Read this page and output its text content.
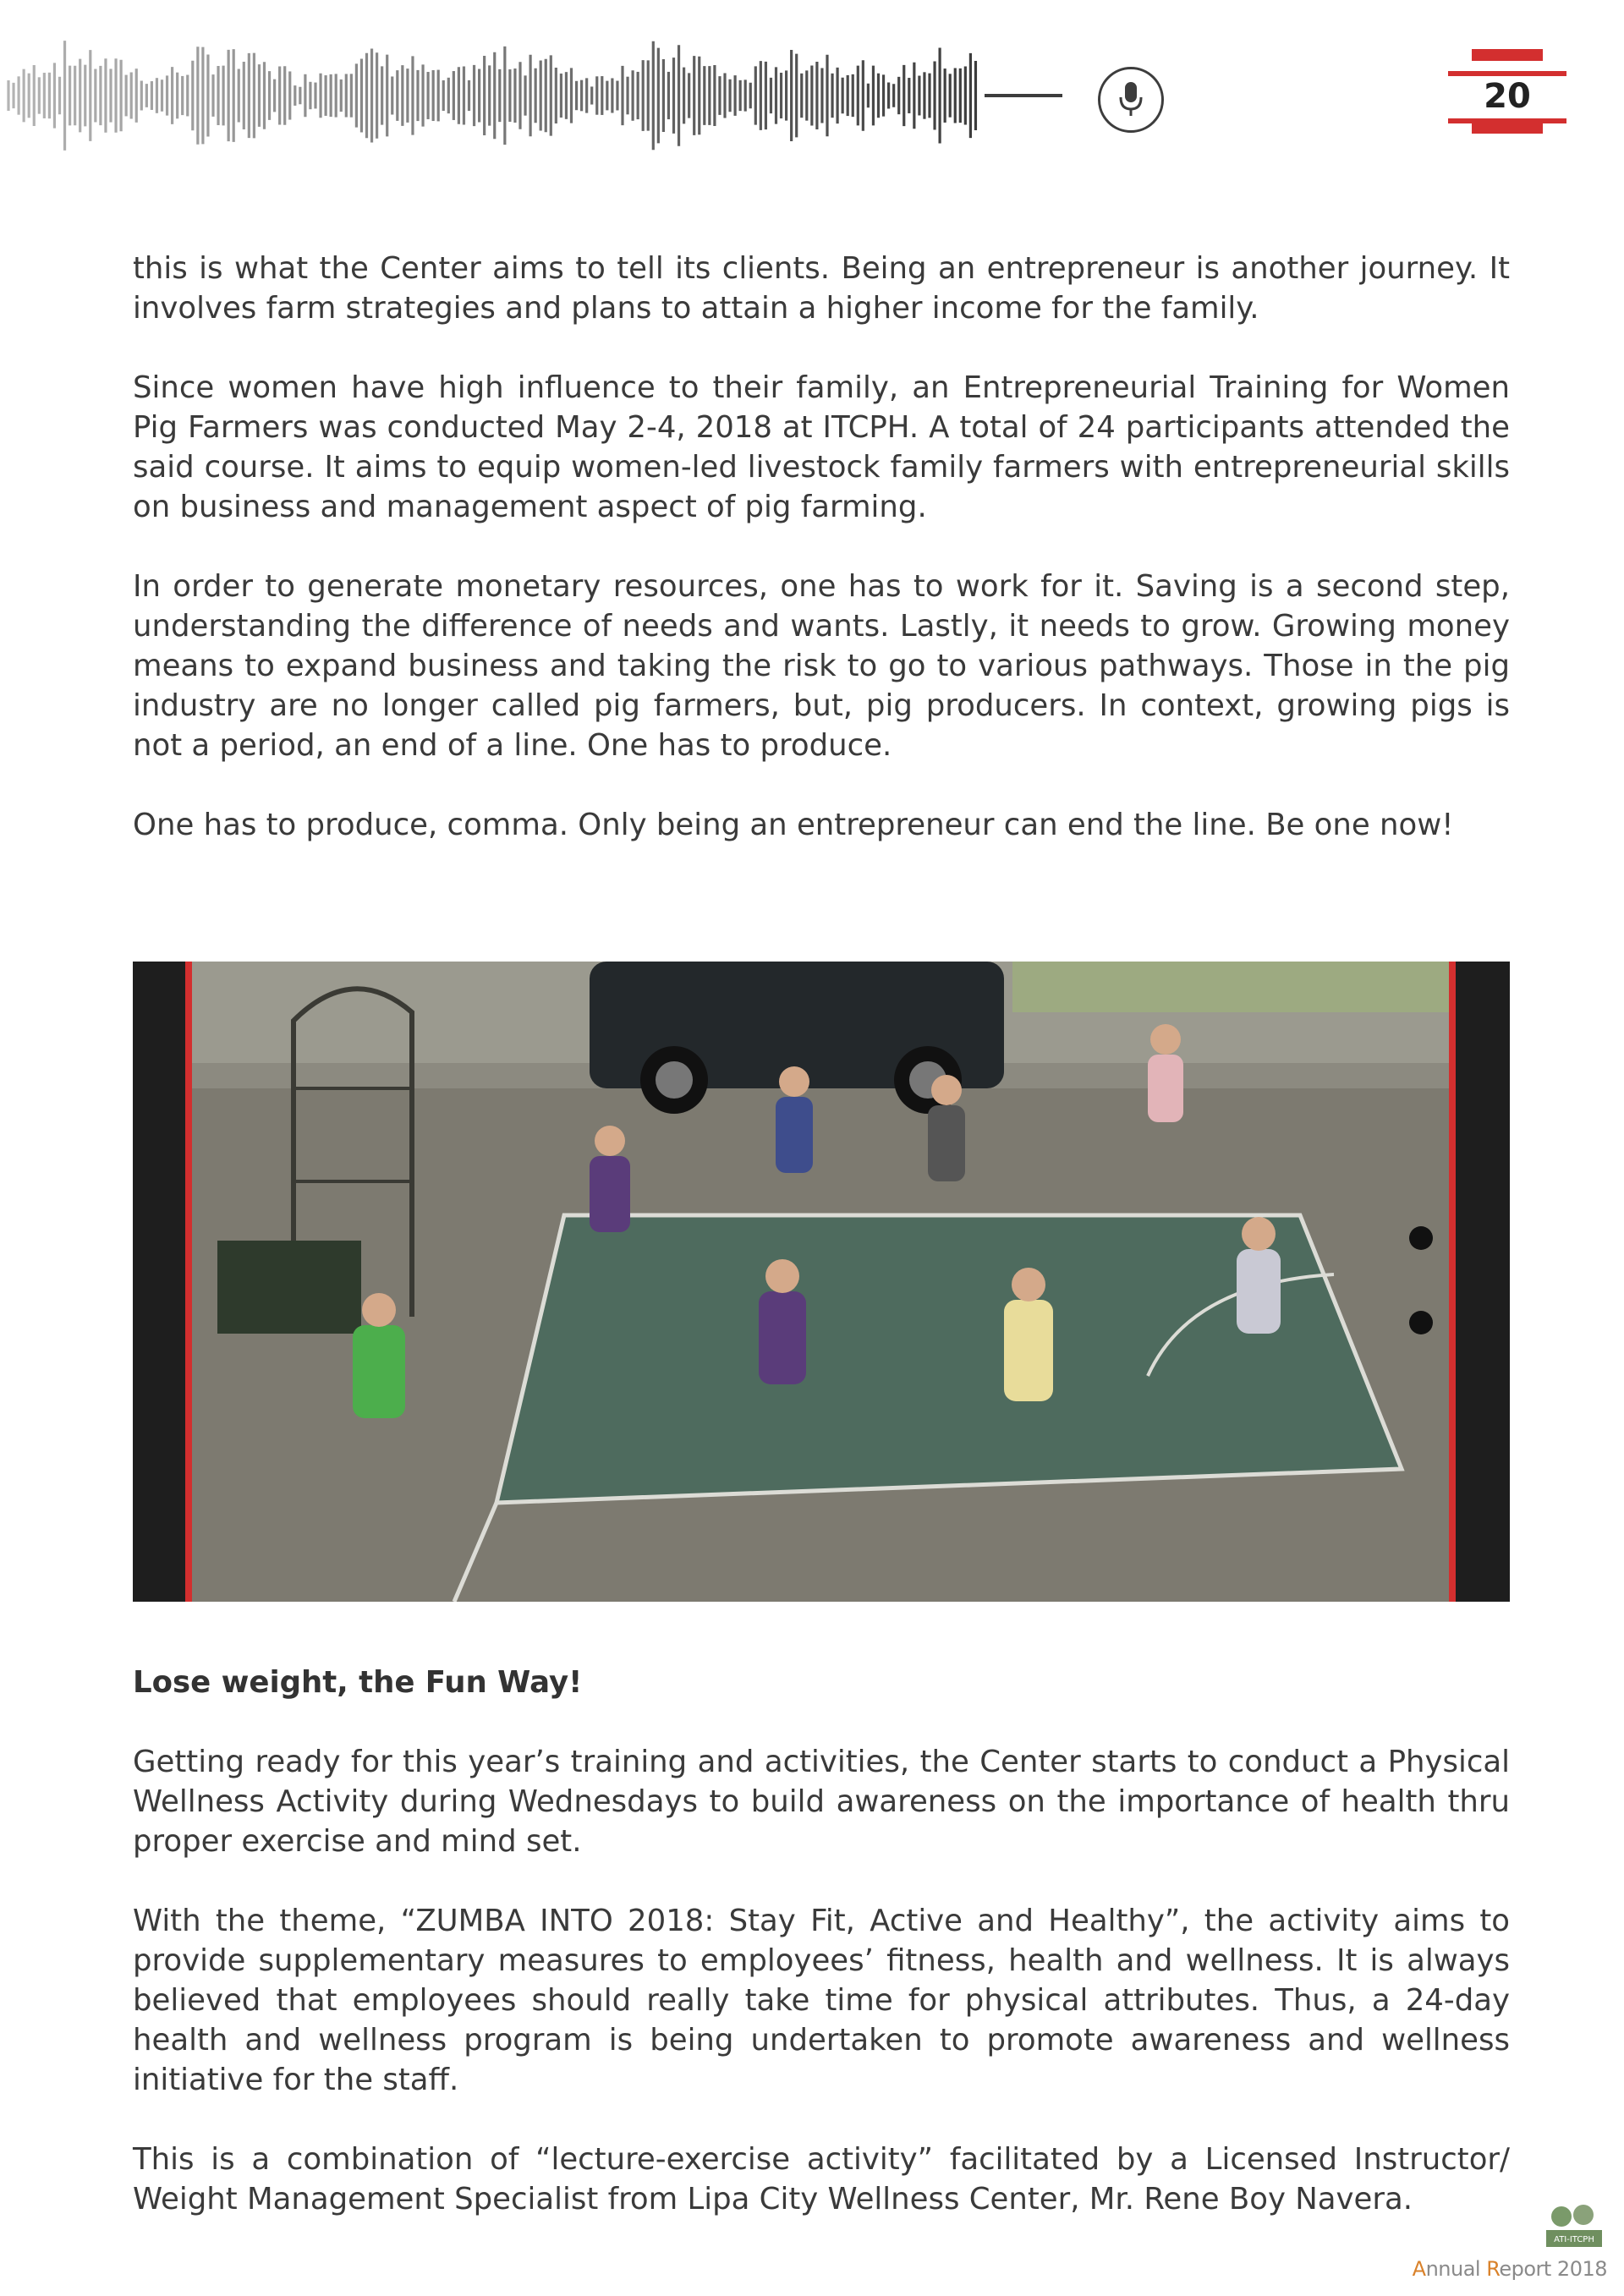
20

this is what the Center aims to tell its clients. Being an entrepreneur is another journey. It involves farm strategies and plans to attain a higher income for the family.

Since women have high influence to their family, an Entrepreneurial Training for Women Pig Farmers was conducted May 2-4, 2018 at ITCPH. A total of 24 participants attended the said course. It aims to equip women-led livestock family farmers with entrepreneurial skills on business and management aspect of pig farming.

In order to generate monetary resources, one has to work for it. Saving is a second step, understanding the difference of needs and wants. Lastly, it needs to grow. Growing money means to expand business and taking the risk to go to various pathways. Those in the pig industry are no longer called pig farmers, but, pig producers. In context, growing pigs is not a period, an end of a line. One has to produce.

One has to produce, comma. Only being an entrepreneur can end the line. Be one now!

Lose weight, the Fun Way!

Getting ready for this year’s training and activities, the Center starts to conduct a Physical Wellness Activity during Wednesdays to build awareness on the importance of health thru proper exercise and mind set.

With the theme, “ZUMBA INTO 2018: Stay Fit, Active and Healthy”, the activity aims to provide supplementary measures to employees’ fitness, health and wellness. It is always believed that employees should really take time for physical attributes. Thus, a 24-day health and wellness program is being undertaken to promote awareness and wellness initiative for the staff.

This is a combination of “lecture-exercise activity” facilitated by a Licensed Instructor/ Weight Management Specialist from Lipa City Wellness Center, Mr. Rene Boy Navera.

ATI-ITCPH
Annual Report 2018
